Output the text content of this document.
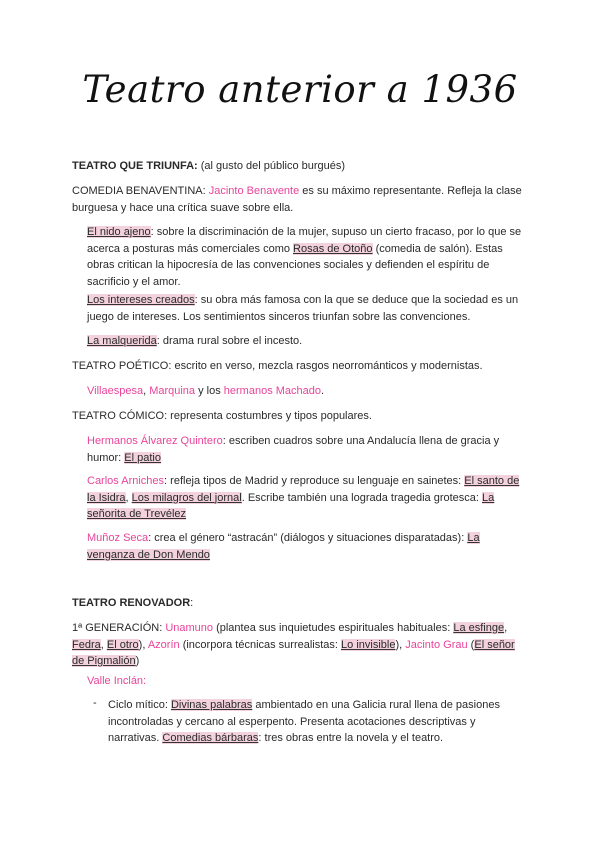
Teatro anterior a 1936
TEATRO QUE TRIUNFA: (al gusto del público burgués)
COMEDIA BENAVENTINA: Jacinto Benavente es su máximo representante. Refleja la clase burguesa y hace una crítica suave sobre ella.
El nido ajeno: sobre la discriminación de la mujer, supuso un cierto fracaso, por lo que se acerca a posturas más comerciales como Rosas de Otoño (comedia de salón). Estas obras critican la hipocresía de las convenciones sociales y defienden el espíritu de sacrificio y el amor.
Los intereses creados: su obra más famosa con la que se deduce que la sociedad es un juego de intereses. Los sentimientos sinceros triunfan sobre las convenciones.
La malquerida: drama rural sobre el incesto.
TEATRO POÉTICO: escrito en verso, mezcla rasgos neorrománticos y modernistas.
Villaespesa, Marquina y los hermanos Machado.
TEATRO CÓMICO: representa costumbres y tipos populares.
Hermanos Álvarez Quintero: escriben cuadros sobre una Andalucía llena de gracia y humor: El patio
Carlos Arniches: refleja tipos de Madrid y reproduce su lenguaje en sainetes: El santo de la Isidra, Los milagros del jornal. Escribe también una lograda tragedia grotesca: La señorita de Trevélez
Muñoz Seca: crea el género “astracán” (diálogos y situaciones disparatadas): La venganza de Don Mendo
TEATRO RENOVADOR:
1ª GENERACIÓN: Unamuno (plantea sus inquietudes espirituales habituales: La esfinge, Fedra, El otro), Azorín (incorpora técnicas surrealistas: Lo invisible), Jacinto Grau (El señor de Pigmalión)
Valle Inclán:
- Ciclo mítico: Divinas palabras ambientado en una Galicia rural llena de pasiones incontroladas y cercano al esperpento. Presenta acotaciones descriptivas y narrativas. Comedias bárbaras: tres obras entre la novela y el teatro.
